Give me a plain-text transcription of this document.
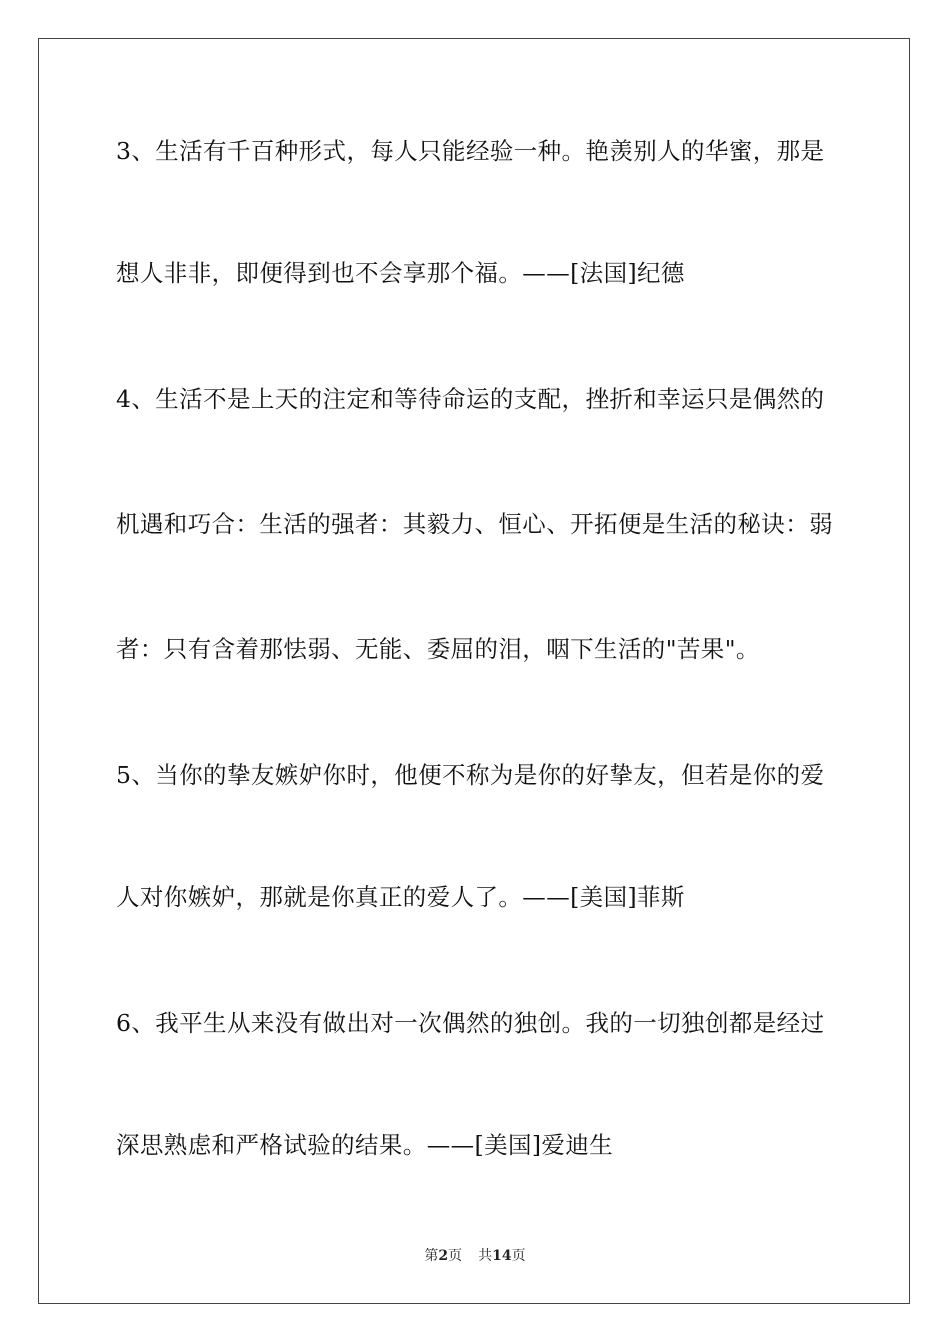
3、生活有千百种形式，每人只能经验一种。艳羡别人的华蜜，那是
想人非非，即便得到也不会享那个福。——[法国]纪德
4、生活不是上天的注定和等待命运的支配，挫折和幸运只是偶然的
机遇和巧合：生活的强者：其毅力、恒心、开拓便是生活的秘诀：弱
者：只有含着那怯弱、无能、委屈的泪，咽下生活的"苦果"。
5、当你的挚友嫉妒你时，他便不称为是你的好挚友，但若是你的爱
人对你嫉妒，那就是你真正的爱人了。——[美国]菲斯
6、我平生从来没有做出对一次偶然的独创。我的一切独创都是经过
深思熟虑和严格试验的结果。——[美国]爱迪生
第2页 共14页
